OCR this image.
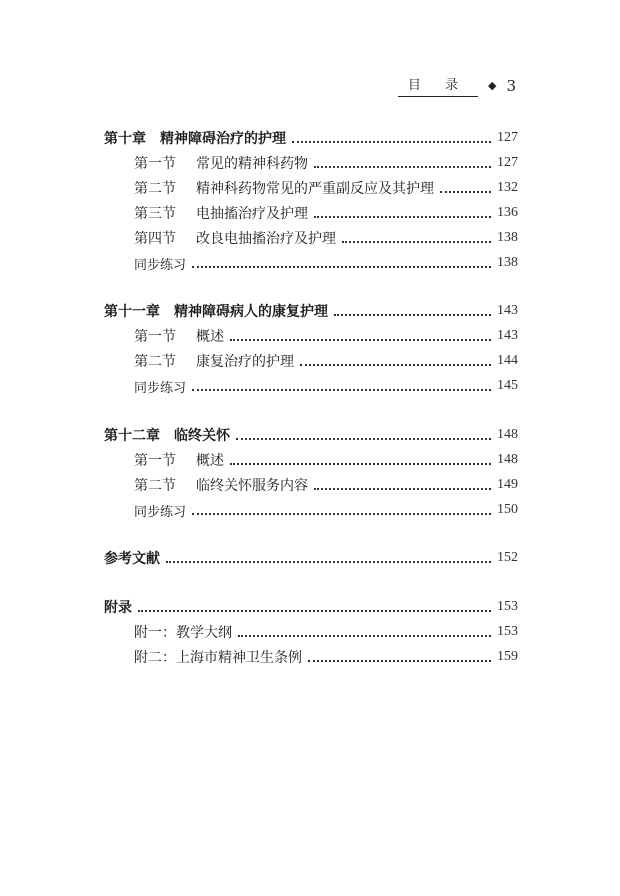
目 录	◆ 3
第十章　 精神障碍治疗的护理	127
第一节 常见的精神科药物	127
第二节 精神科药物常见的严重副反应及其护理	132
第三节 电抽搐治疗及护理	136
第四节 改良电抽搐治疗及护理	138
同步练习	138
第十一章　 精神障碍病人的康复护理	143
第一节 概述	143
第二节 康复治疗的护理	144
同步练习	145
第十二章　 临终关怀	148
第一节 概述	148
第二节 临终关怀服务内容	149
同步练习	150
参考文献	152
附录	153
附一：教学大纲	153
附二：上海市精神卫生条例	159
